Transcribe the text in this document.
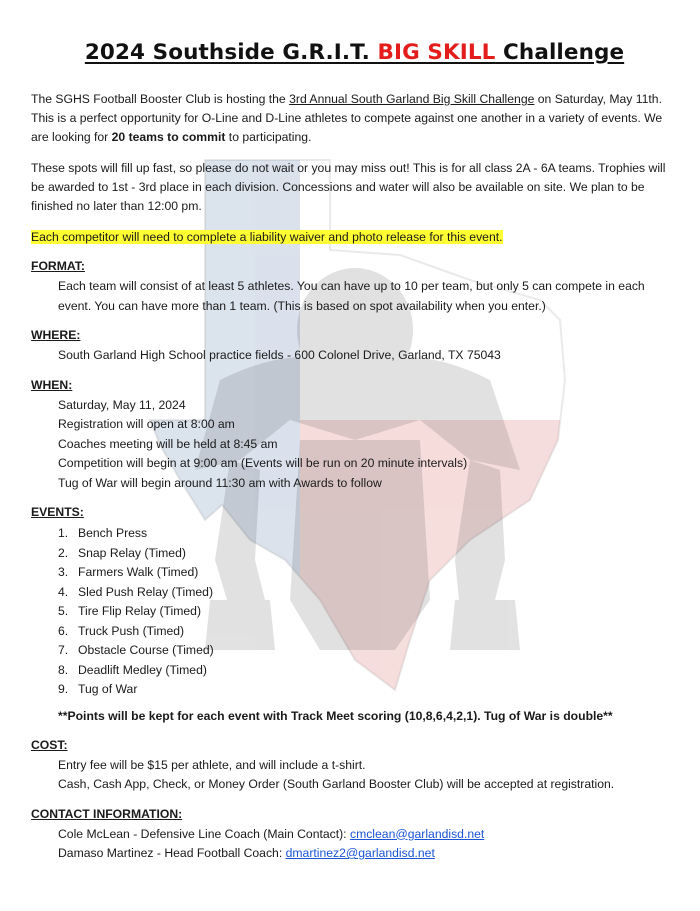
2024 Southside G.R.I.T. BIG SKILL Challenge

The SGHS Football Booster Club is hosting the 3rd Annual South Garland Big Skill Challenge on Saturday, May 11th. This is a perfect opportunity for O-Line and D-Line athletes to compete against one another in a variety of events. We are looking for 20 teams to commit to participating.

These spots will fill up fast, so please do not wait or you may miss out! This is for all class 2A - 6A teams. Trophies will be awarded to 1st - 3rd place in each division. Concessions and water will also be available on site. We plan to be finished no later than 12:00 pm.

Each competitor will need to complete a liability waiver and photo release for this event.
FORMAT:

Each team will consist of at least 5 athletes. You can have up to 10 per team, but only 5 can compete in each event. You can have more than 1 team. (This is based on spot availability when you enter.)

WHERE:

South Garland High School practice fields - 600 Colonel Drive, Garland, TX 75043

WHEN:
Saturday, May 11, 2024
Registration will open at 8:00 am
Coaches meeting will be held at 8:45 am
Competition will begin at 9:00 am (Events will be run on 20 minute intervals)
Tug of War will begin around 11:30 am with Awards to follow
EVENTS:
1. Bench Press
2. Snap Relay (Timed)
3. Farmers Walk (Timed)
4. Sled Push Relay (Timed)
5. Tire Flip Relay (Timed)
6. Truck Push (Timed)
7. Obstacle Course (Timed)
8. Deadlift Medley (Timed)
9. Tug of War
**Points will be kept for each event with Track Meet scoring (10,8,6,4,2,1). Tug of War is double**
COST:
Entry fee will be $15 per athlete, and will include a t-shirt.
Cash, Cash App, Check, or Money Order (South Garland Booster Club) will be accepted at registration.
CONTACT INFORMATION:
Cole McLean - Defensive Line Coach (Main Contact): cmclean@garlandisd.net
Damaso Martinez - Head Football Coach: dmartinez2@garlandisd.net
